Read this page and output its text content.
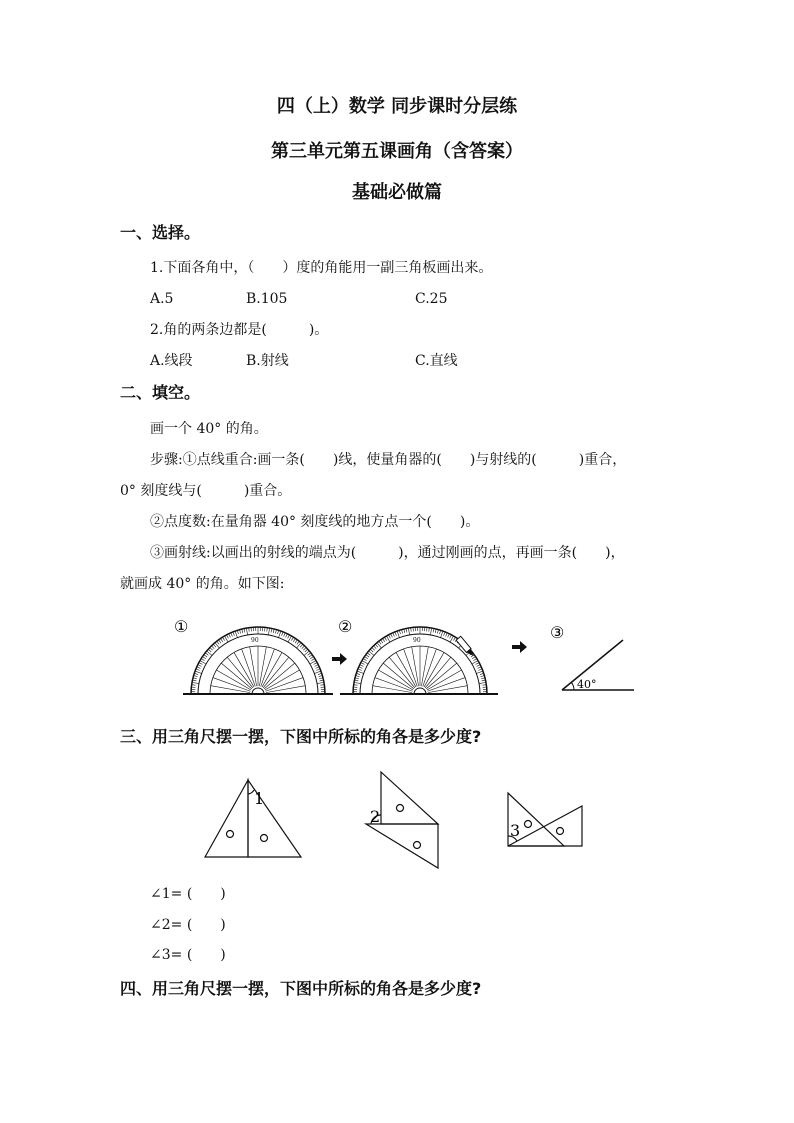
四（上）数学 同步课时分层练
第三单元第五课画角（含答案）
基础必做篇
一、选择。
1.下面各角中，（　　）度的角能用一副三角板画出来。
A.5	B.105	C.25
2.角的两条边都是(　　　)。
A.线段	B.射线	C.直线
二、填空。
画一个 40° 的角。
步骤:①点线重合:画一条(　　)线，使量角器的(　　)与射线的(　　　)重合，
0° 刻度线与(　　　)重合。
②点度数:在量角器 40° 刻度线的地方点一个(　　)。
③画射线:以画出的射线的端点为(　　　)，通过刚画的点，再画一条(　　)，
就画成 40° 的角。如下图:
①	②	③
90	90
40°
三、用三角尺摆一摆，下图中所标的角各是多少度?
1
2
3
∠1= (　　)
∠2= (　　)
∠3= (　　)
四、用三角尺摆一摆，下图中所标的角各是多少度?
